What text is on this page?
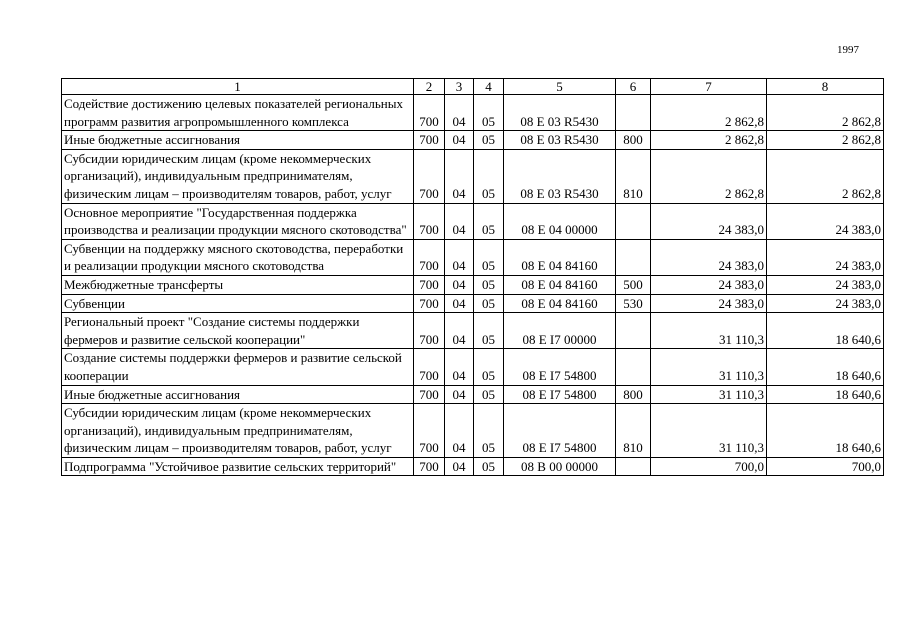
1997
1	2	3	4	5	6	7	8
Содействие достижению целевых показателей региональных программ развития агропромышленного комплекса	700	04	05	08 E 03 R5430		2 862,8	2 862,8
Иные бюджетные ассигнования	700	04	05	08 E 03 R5430	800	2 862,8	2 862,8
Субсидии юридическим лицам (кроме некоммерческих организаций), индивидуальным предпринимателям, физическим лицам – производителям товаров, работ, услуг	700	04	05	08 E 03 R5430	810	2 862,8	2 862,8
Основное мероприятие "Государственная поддержка производства и реализации продукции мясного скотоводства"	700	04	05	08 E 04 00000		24 383,0	24 383,0
Субвенции на поддержку мясного скотоводства, переработки и реализации продукции мясного скотоводства	700	04	05	08 E 04 84160		24 383,0	24 383,0
Межбюджетные трансферты	700	04	05	08 E 04 84160	500	24 383,0	24 383,0
Субвенции	700	04	05	08 E 04 84160	530	24 383,0	24 383,0
Региональный проект "Создание системы поддержки фермеров и развитие сельской кооперации"	700	04	05	08 E I7 00000		31 110,3	18 640,6
Создание системы поддержки фермеров и развитие сельской кооперации	700	04	05	08 E I7 54800		31 110,3	18 640,6
Иные бюджетные ассигнования	700	04	05	08 E I7 54800	800	31 110,3	18 640,6
Субсидии юридическим лицам (кроме некоммерческих организаций), индивидуальным предпринимателям, физическим лицам – производителям товаров, работ, услуг	700	04	05	08 E I7 54800	810	31 110,3	18 640,6
Подпрограмма "Устойчивое развитие сельских территорий"	700	04	05	08 B 00 00000		700,0	700,0
